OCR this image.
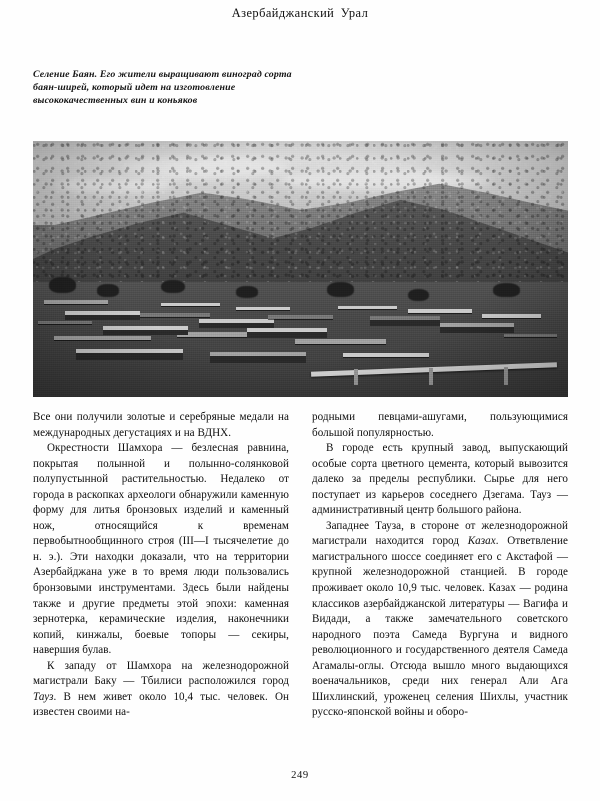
Азербайджанский Урал
Селение Баян. Его жители выращивают виноград сорта баян-ширей, который идет на изготовление высококачественных вин и коньяков

Все они получили золотые и серебряные медали на международных дегустациях и на ВДНХ.

Окрестности Шамхора — безлесная равнина, покрытая полынной и полынно-солянковой полупустынной растительностью. Недалеко от города в раскопках археологи обнаружили каменную форму для литья бронзовых изделий и каменный нож, относящийся к временам первобытнообщинного строя (III—I тысячелетие до н. э.). Эти находки доказали, что на территории Азербайджана уже в то время люди пользовались бронзовыми инструментами. Здесь были найдены также и другие предметы этой эпохи: каменная зернотерка, керамические изделия, наконечники копий, кинжалы, боевые топоры — секиры, навершия булав.

К западу от Шамхора на железнодорожной магистрали Баку — Тбилиси расположился город Тауз. В нем живет около 10,4 тыс. человек. Он известен своими на-

родными певцами-ашугами, пользующимися большой популярностью.

В городе есть крупный завод, выпускающий особые сорта цветного цемента, который вывозится далеко за пределы республики. Сырье для него поступает из карьеров соседнего Дзегама. Тауз — административный центр большого района.

Западнее Тауза, в стороне от железнодорожной магистрали находится город Казах. Ответвление магистрального шоссе соединяет его с Акстафой — крупной железнодорожной станцией. В городе проживает около 10,9 тыс. человек. Казах — родина классиков азербайджанской литературы — Вагифа и Видади, а также замечательного советского народного поэта Самеда Вургуна и видного революционного и государственного деятеля Самеда Агамалы-оглы. Отсюда вышло много выдающихся военачальников, среди них генерал Али Ага Шихлинский, уроженец селения Шихлы, участник русско-японской войны и оборо-

249
